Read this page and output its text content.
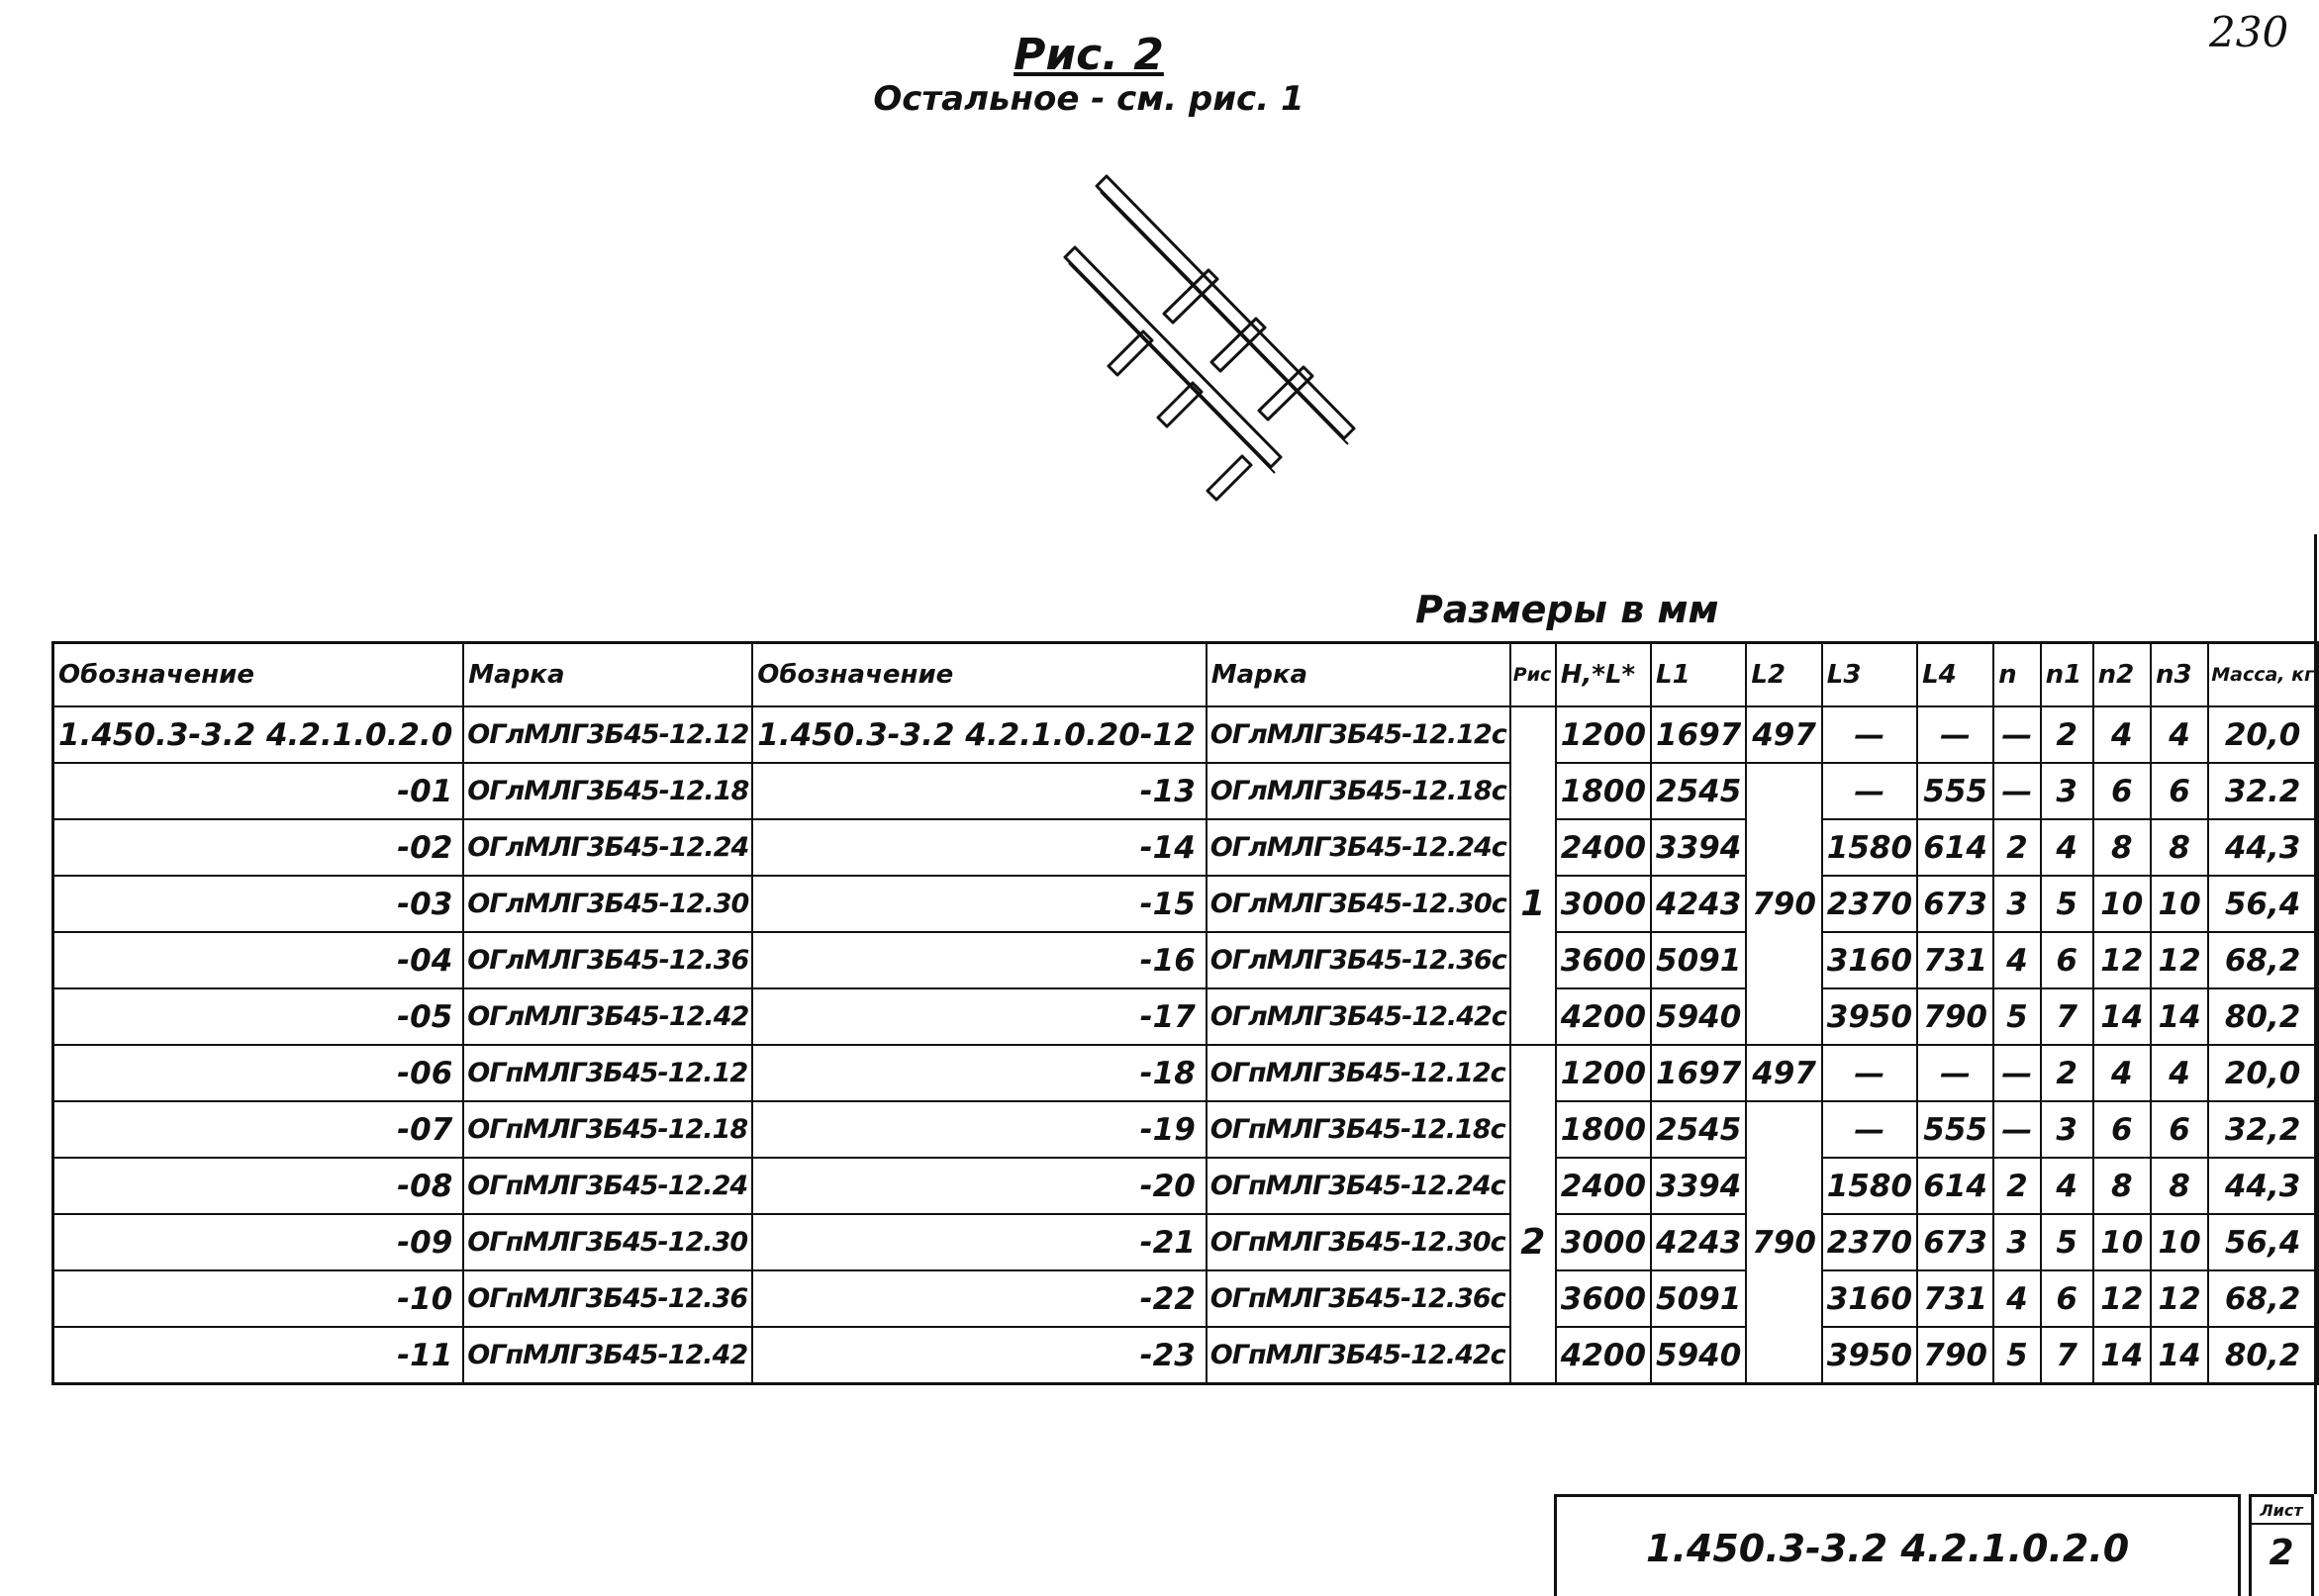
230
Рис. 2
Остальное - см. рис. 1
Размеры в мм
Обозначение	Марка	Обозначение	Марка	Рис	H,*L*	L1	L2	L3	L4	n	n1	n2	n3	Масса, кг
1.450.3-3.2 4.2.1.0.2.0	ОГлМЛГ3Б45-12.12	1.450.3-3.2 4.2.1.0.20-12	ОГлМЛГ3Б45-12.12с		1200	1697	497	—	—	—	2	4	4	20,0
-01	ОГлМЛГ3Б45-12.18	-13	ОГлМЛГ3Б45-12.18с		1800	2545		—	555	—	3	6	6	32.2
-02	ОГлМЛГ3Б45-12.24	-14	ОГлМЛГ3Б45-12.24с		2400	3394		1580	614	2	4	8	8	44,3
-03	ОГлМЛГ3Б45-12.30	-15	ОГлМЛГ3Б45-12.30с	1	3000	4243	790	2370	673	3	5	10	10	56,4
-04	ОГлМЛГ3Б45-12.36	-16	ОГлМЛГ3Б45-12.36с		3600	5091		3160	731	4	6	12	12	68,2
-05	ОГлМЛГ3Б45-12.42	-17	ОГлМЛГ3Б45-12.42с		4200	5940		3950	790	5	7	14	14	80,2
-06	ОГпМЛГ3Б45-12.12	-18	ОГпМЛГ3Б45-12.12с		1200	1697	497	—	—	—	2	4	4	20,0
-07	ОГпМЛГ3Б45-12.18	-19	ОГпМЛГ3Б45-12.18с		1800	2545		—	555	—	3	6	6	32,2
-08	ОГпМЛГ3Б45-12.24	-20	ОГпМЛГ3Б45-12.24с		2400	3394		1580	614	2	4	8	8	44,3
-09	ОГпМЛГ3Б45-12.30	-21	ОГпМЛГ3Б45-12.30с	2	3000	4243	790	2370	673	3	5	10	10	56,4
-10	ОГпМЛГ3Б45-12.36	-22	ОГпМЛГ3Б45-12.36с		3600	5091		3160	731	4	6	12	12	68,2
-11	ОГпМЛГ3Б45-12.42	-23	ОГпМЛГ3Б45-12.42с		4200	5940		3950	790	5	7	14	14	80,2
1.450.3-3.2 4.2.1.0.2.0
Лист
2
